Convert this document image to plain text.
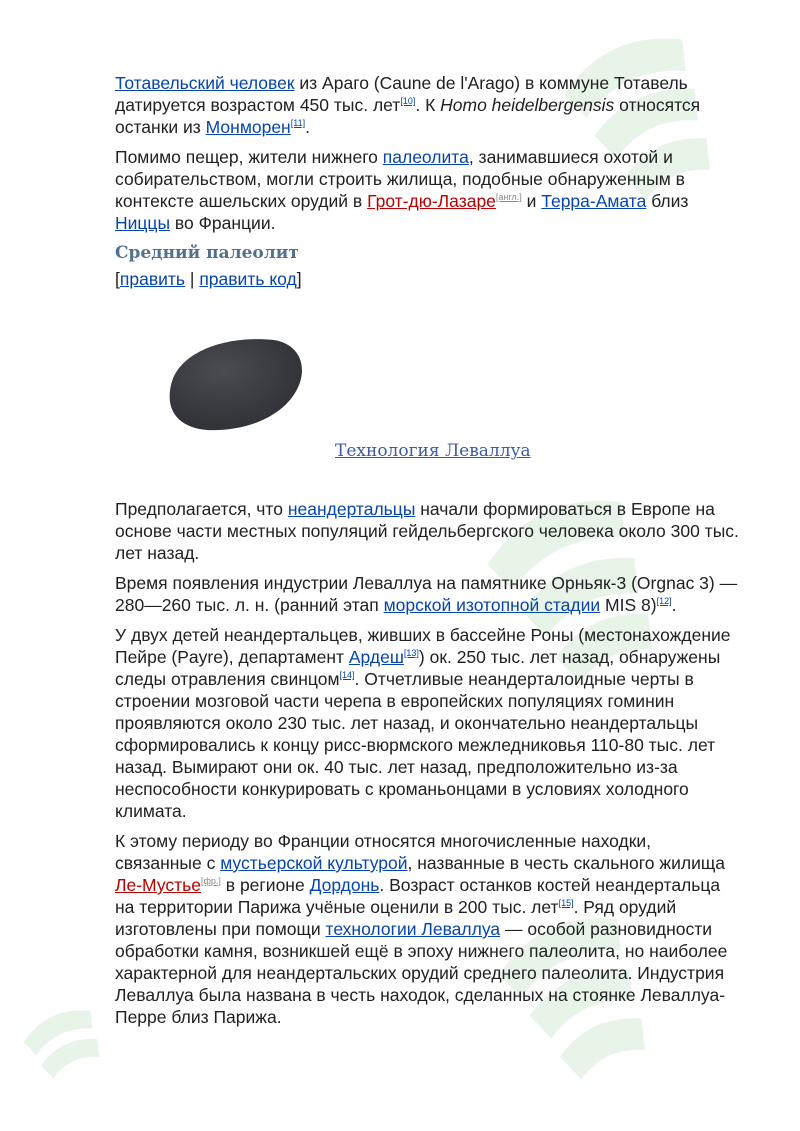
Тотавельский человек из Араго (Caune de l'Arago) в коммуне Тотавель датируется возрастом 450 тыс. лет[10]. К Homo heidelbergensis относятся останки из Монморен[11].

Помимо пещер, жители нижнего палеолита, занимавшиеся охотой и собирательством, могли строить жилища, подобные обнаруженным в контексте ашельских орудий в Грот-дю-Лазаре[англ.] и Терра-Амата близ Ниццы во Франции.

Средний палеолит
[править | править код]
Технология Леваллуа

Предполагается, что неандертальцы начали формироваться в Европе на основе части местных популяций гейдельбергского человека около 300 тыс. лет назад.

Время появления индустрии Леваллуа на памятнике Орньяк-3 (Orgnac 3) — 280—260 тыс. л. н. (ранний этап морской изотопной стадии MIS 8)[12].

У двух детей неандертальцев, живших в бассейне Роны (местонахождение Пейре (Payre), департамент Ардеш[13]) ок. 250 тыс. лет назад, обнаружены следы отравления свинцом[14]. Отчетливые неандерталоидные черты в строении мозговой части черепа в европейских популяциях гоминин проявляются около 230 тыс. лет назад, и окончательно неандертальцы сформировались к концу рисс-вюрмского межледниковья 110-80 тыс. лет назад. Вымирают они ок. 40 тыс. лет назад, предположительно из-за неспособности конкурировать с кроманьонцами в условиях холодного климата.

К этому периоду во Франции относятся многочисленные находки, связанные с мустьерской культурой, названные в честь скального жилища Ле-Мустье[фр.] в регионе Дордонь. Возраст останков костей неандертальца на территории Парижа учёные оценили в 200 тыс. лет[15]. Ряд орудий изготовлены при помощи технологии Леваллуа — особой разновидности обработки камня, возникшей ещё в эпоху нижнего палеолита, но наиболее характерной для неандертальских орудий среднего палеолита. Индустрия Леваллуа была названа в честь находок, сделанных на стоянке Леваллуа-Перре близ Парижа.
